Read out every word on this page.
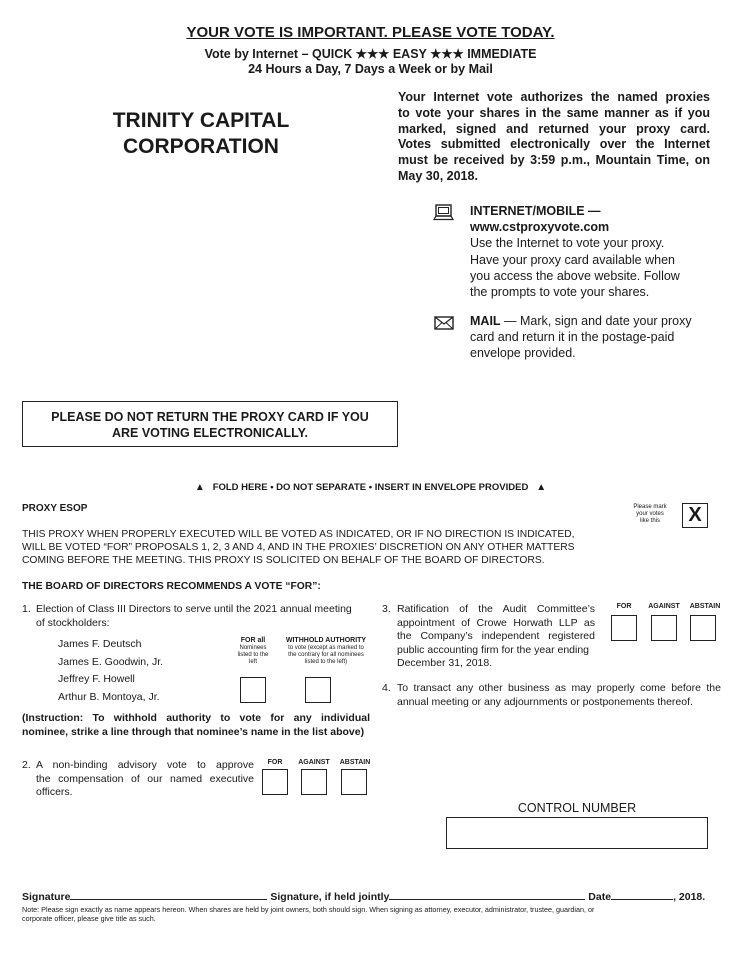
YOUR VOTE IS IMPORTANT. PLEASE VOTE TODAY.
Vote by Internet – QUICK ★★★ EASY ★★★ IMMEDIATE
24 Hours a Day, 7 Days a Week or by Mail
TRINITY CAPITAL
CORPORATION
Your Internet vote authorizes the named proxies
to vote your shares in the same manner as if you
marked, signed and returned your proxy card.
Votes submitted electronically over the Internet
must be received by 3:59 p.m., Mountain Time, on
May 30, 2018.
INTERNET/MOBILE —
www.cstproxyvote.com
Use the Internet to vote your proxy.
Have your proxy card available when
you access the above website. Follow
the prompts to vote your shares.
MAIL — Mark, sign and date your proxy
card and return it in the postage-paid
envelope provided.
PLEASE DO NOT RETURN THE PROXY CARD IF YOU
ARE VOTING ELECTRONICALLY.
▲ FOLD HERE • DO NOT SEPARATE • INSERT IN ENVELOPE PROVIDED ▲
PROXY ESOP	Please mark
your votes
like this	X
THIS PROXY WHEN PROPERLY EXECUTED WILL BE VOTED AS INDICATED, OR IF NO DIRECTION IS INDICATED,
WILL BE VOTED “FOR” PROPOSALS 1, 2, 3 AND 4, AND IN THE PROXIES’ DISCRETION ON ANY OTHER MATTERS
COMING BEFORE THE MEETING. THIS PROXY IS SOLICITED ON BEHALF OF THE BOARD OF DIRECTORS.
THE BOARD OF DIRECTORS RECOMMENDS A VOTE “FOR”:
1. Election of Class III Directors to serve until the 2021 annual meeting
of stockholders:
James F. Deutsch
James E. Goodwin, Jr.
Jeffrey F. Howell
Arthur B. Montoya, Jr.
FOR all
Nominees
listed to the
left
WITHHOLD AUTHORITY
to vote (except as marked to
the contrary for all nominees
listed to the left)
(Instruction: To withhold authority to vote for any individual
nominee, strike a line through that nominee’s name in the list above)
2. A non-binding advisory vote to approve
the compensation of our named executive
officers.
FOR	AGAINST	ABSTAIN
3. Ratification of the Audit Committee’s
appointment of Crowe Horwath LLP as
the Company’s independent registered
public accounting firm for the year ending
December 31, 2018.
FOR	AGAINST	ABSTAIN
4. To transact any other business as may properly come before the
annual meeting or any adjournments or postponements thereof.
CONTROL NUMBER
Signature	Signature, if held jointly	Date	, 2018.
Note: Please sign exactly as name appears hereon. When shares are held by joint owners, both should sign. When signing as attorney, executor, administrator, trustee, guardian, or
corporate officer, please give title as such.
